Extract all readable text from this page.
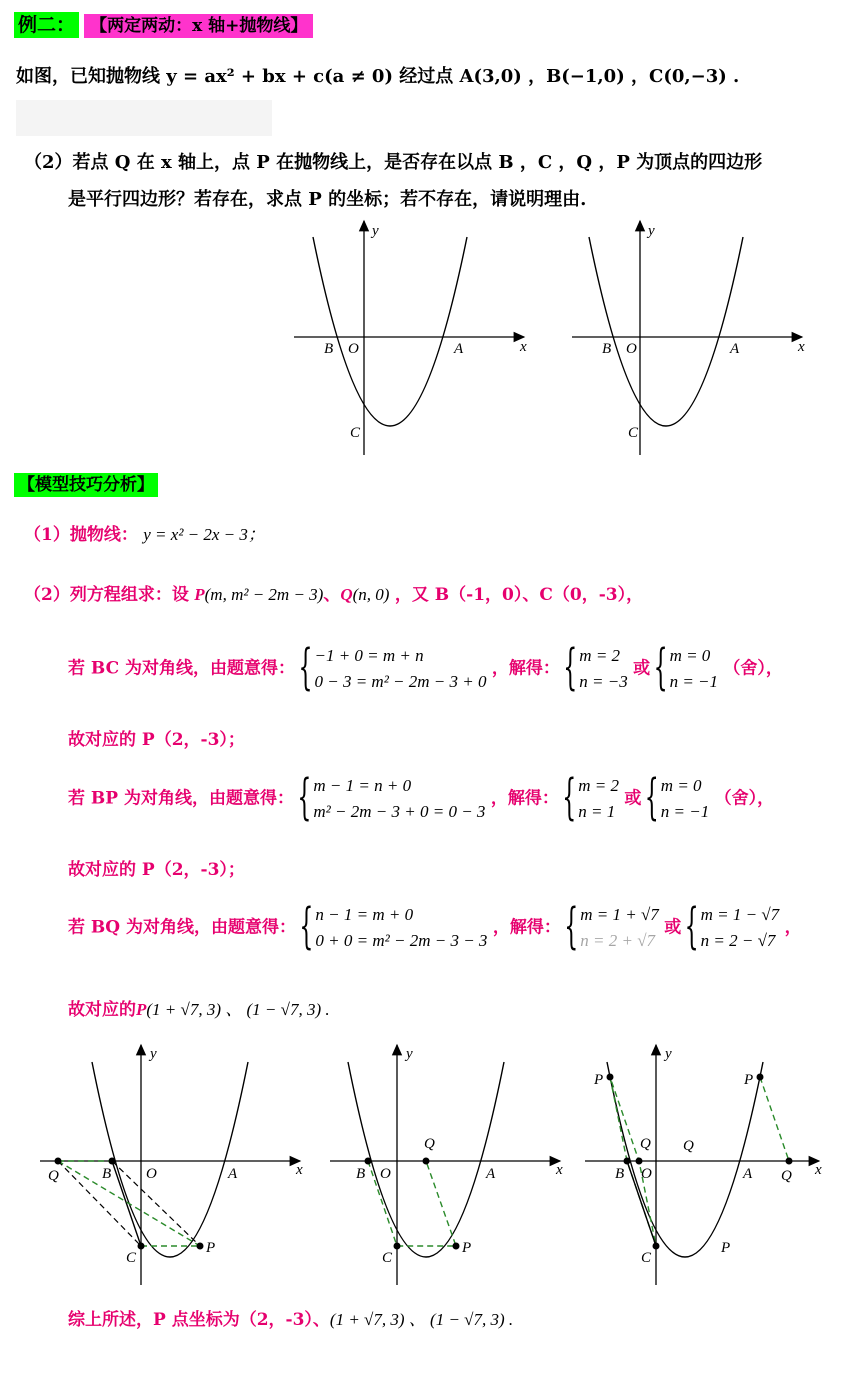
例二： 【两定两动：x 轴+抛物线】
如图，已知抛物线 y = ax² + bx + c(a ≠ 0) 经过点 A(3,0) ，B(−1,0) ，C(0,−3) .
（2）若点 Q 在 x 轴上，点 P 在抛物线上，是否存在以点 B ，C ，Q ，P 为顶点的四边形
是平行四边形？若存在，求点 P 的坐标；若不存在，请说明理由.
y
x
B O	A
C
y
x
B O	A
C
【模型技巧分析】
（1）抛物线： y = x² − 2x − 3；
（2）列方程组求：设 P(m, m² − 2m − 3)、Q(n, 0) ，又 B（-1，0）、C（0，-3），
若 BC 为对角线，由题意得：
{ −1 + 0 = m + n
0 − 3 = m² − 2m − 3 + 0
，解得：
{ m = 2
n = −3
或
{ m = 0
n = −1
（舍），
故对应的 P（2，-3）；
若 BP 为对角线，由题意得：
{ m − 1 = n + 0
m² − 2m − 3 + 0 = 0 − 3
，解得：
{ m = 2
n = 1
或
{ m = 0
n = −1
（舍），
故对应的 P（2，-3）；
若 BQ 为对角线，由题意得：
{ n − 1 = m + 0
0 + 0 = m² − 2m − 3 − 3
，解得：
{ m = 1 + √7
n = 2 + √7
或
{ m = 1 − √7
n = 2 − √7
，
故对应的P(1 + √7, 3) 、 (1 − √7, 3) .
y
x
Q	B O	A
C
P
y
x
B O
Q
A
C
P
y
x
P	P
Q Q
B O	A Q
C
P
综上所述，P 点坐标为（2，-3）、(1 + √7, 3) 、 (1 − √7, 3) .
